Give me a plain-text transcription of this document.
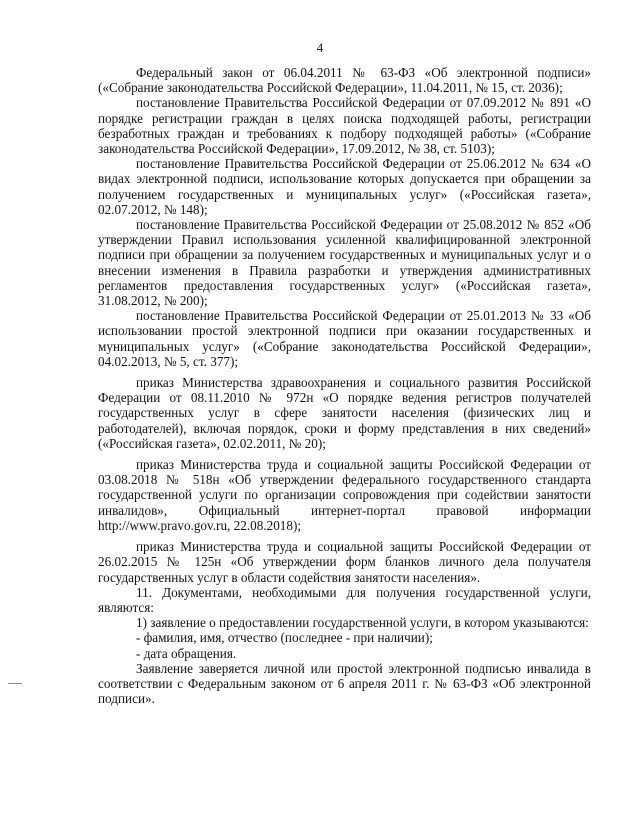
4

Федеральный закон от 06.04.2011 № 63-ФЗ «Об электронной подписи» («Собрание законодательства Российской Федерации», 11.04.2011, № 15, ст. 2036);

постановление Правительства Российской Федерации от 07.09.2012 № 891 «О порядке регистрации граждан в целях поиска подходящей работы, регистрации безработных граждан и требованиях к подбору подходящей работы» («Собрание законодательства Российской Федерации», 17.09.2012, № 38, ст. 5103);

постановление Правительства Российской Федерации от 25.06.2012 № 634 «О видах электронной подписи, использование которых допускается при обращении за получением государственных и муниципальных услуг» («Российская газета», 02.07.2012, № 148);

постановление Правительства Российской Федерации от 25.08.2012 № 852 «Об утверждении Правил использования усиленной квалифицированной электронной подписи при обращении за получением государственных и муниципальных услуг и о внесении изменения в Правила разработки и утверждения административных регламентов предоставления государственных услуг» («Российская газета», 31.08.2012, № 200);

постановление Правительства Российской Федерации от 25.01.2013 № 33 «Об использовании простой электронной подписи при оказании государственных и муниципальных услуг» («Собрание законодательства Российской Федерации», 04.02.2013, № 5, ст. 377);

приказ Министерства здравоохранения и социального развития Российской Федерации от 08.11.2010 № 972н «О порядке ведения регистров получателей государственных услуг в сфере занятости населения (физических лиц и работодателей), включая порядок, сроки и форму представления в них сведений» («Российская газета», 02.02.2011, № 20);

приказ Министерства труда и социальной защиты Российской Федерации от 03.08.2018 № 518н «Об утверждении федерального государственного стандарта государственной услуги по организации сопровождения при содействии занятости инвалидов», Официальный интернет-портал правовой информации http://www.pravo.gov.ru, 22.08.2018);

приказ Министерства труда и социальной защиты Российской Федерации от 26.02.2015 № 125н «Об утверждении форм бланков личного дела получателя государственных услуг в области содействия занятости населения».

11. Документами, необходимыми для получения государственной услуги, являются:

1) заявление о предоставлении государственной услуги, в котором указываются:

- фамилия, имя, отчество (последнее - при наличии);

- дата обращения.

Заявление заверяется личной или простой электронной подписью инвалида в соответствии с Федеральным законом от 6 апреля 2011 г. № 63-ФЗ «Об электронной подписи».
